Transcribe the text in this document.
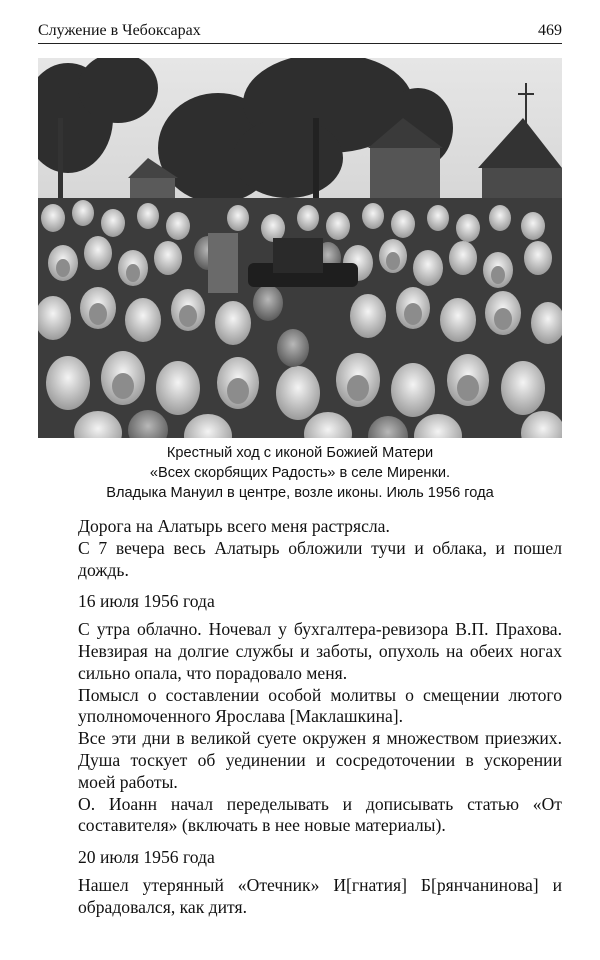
Служение в Чебоксарах	469
Крестный ход с иконой Божией Матери
«Всех скорбящих Радость» в селе Миренки.
Владыка Мануил в центре, возле иконы. Июль 1956 года

Дорога на Алатырь всего меня растрясла.

С 7 вечера весь Алатырь обложили тучи и облака, и пошел дождь.

16 июля 1956 года

С утра облачно. Ночевал у бухгалтера-ревизора В.П. Прахова. Невзирая на долгие службы и заботы, опухоль на обеих ногах сильно опала, что порадовало меня.

Помысл о составлении особой молитвы о смещении лютого уполномоченного Ярослава [Маклашкина].

Все эти дни в великой суете окружен я множеством приезжих. Душа тоскует об уединении и сосредоточении в ускорении моей работы.

О. Иоанн начал переделывать и дописывать статью «От составителя» (включать в нее новые материалы).

20 июля 1956 года

Нашел утерянный «Отечник» И[гнатия] Б[рянчанинова] и обрадовался, как дитя.
